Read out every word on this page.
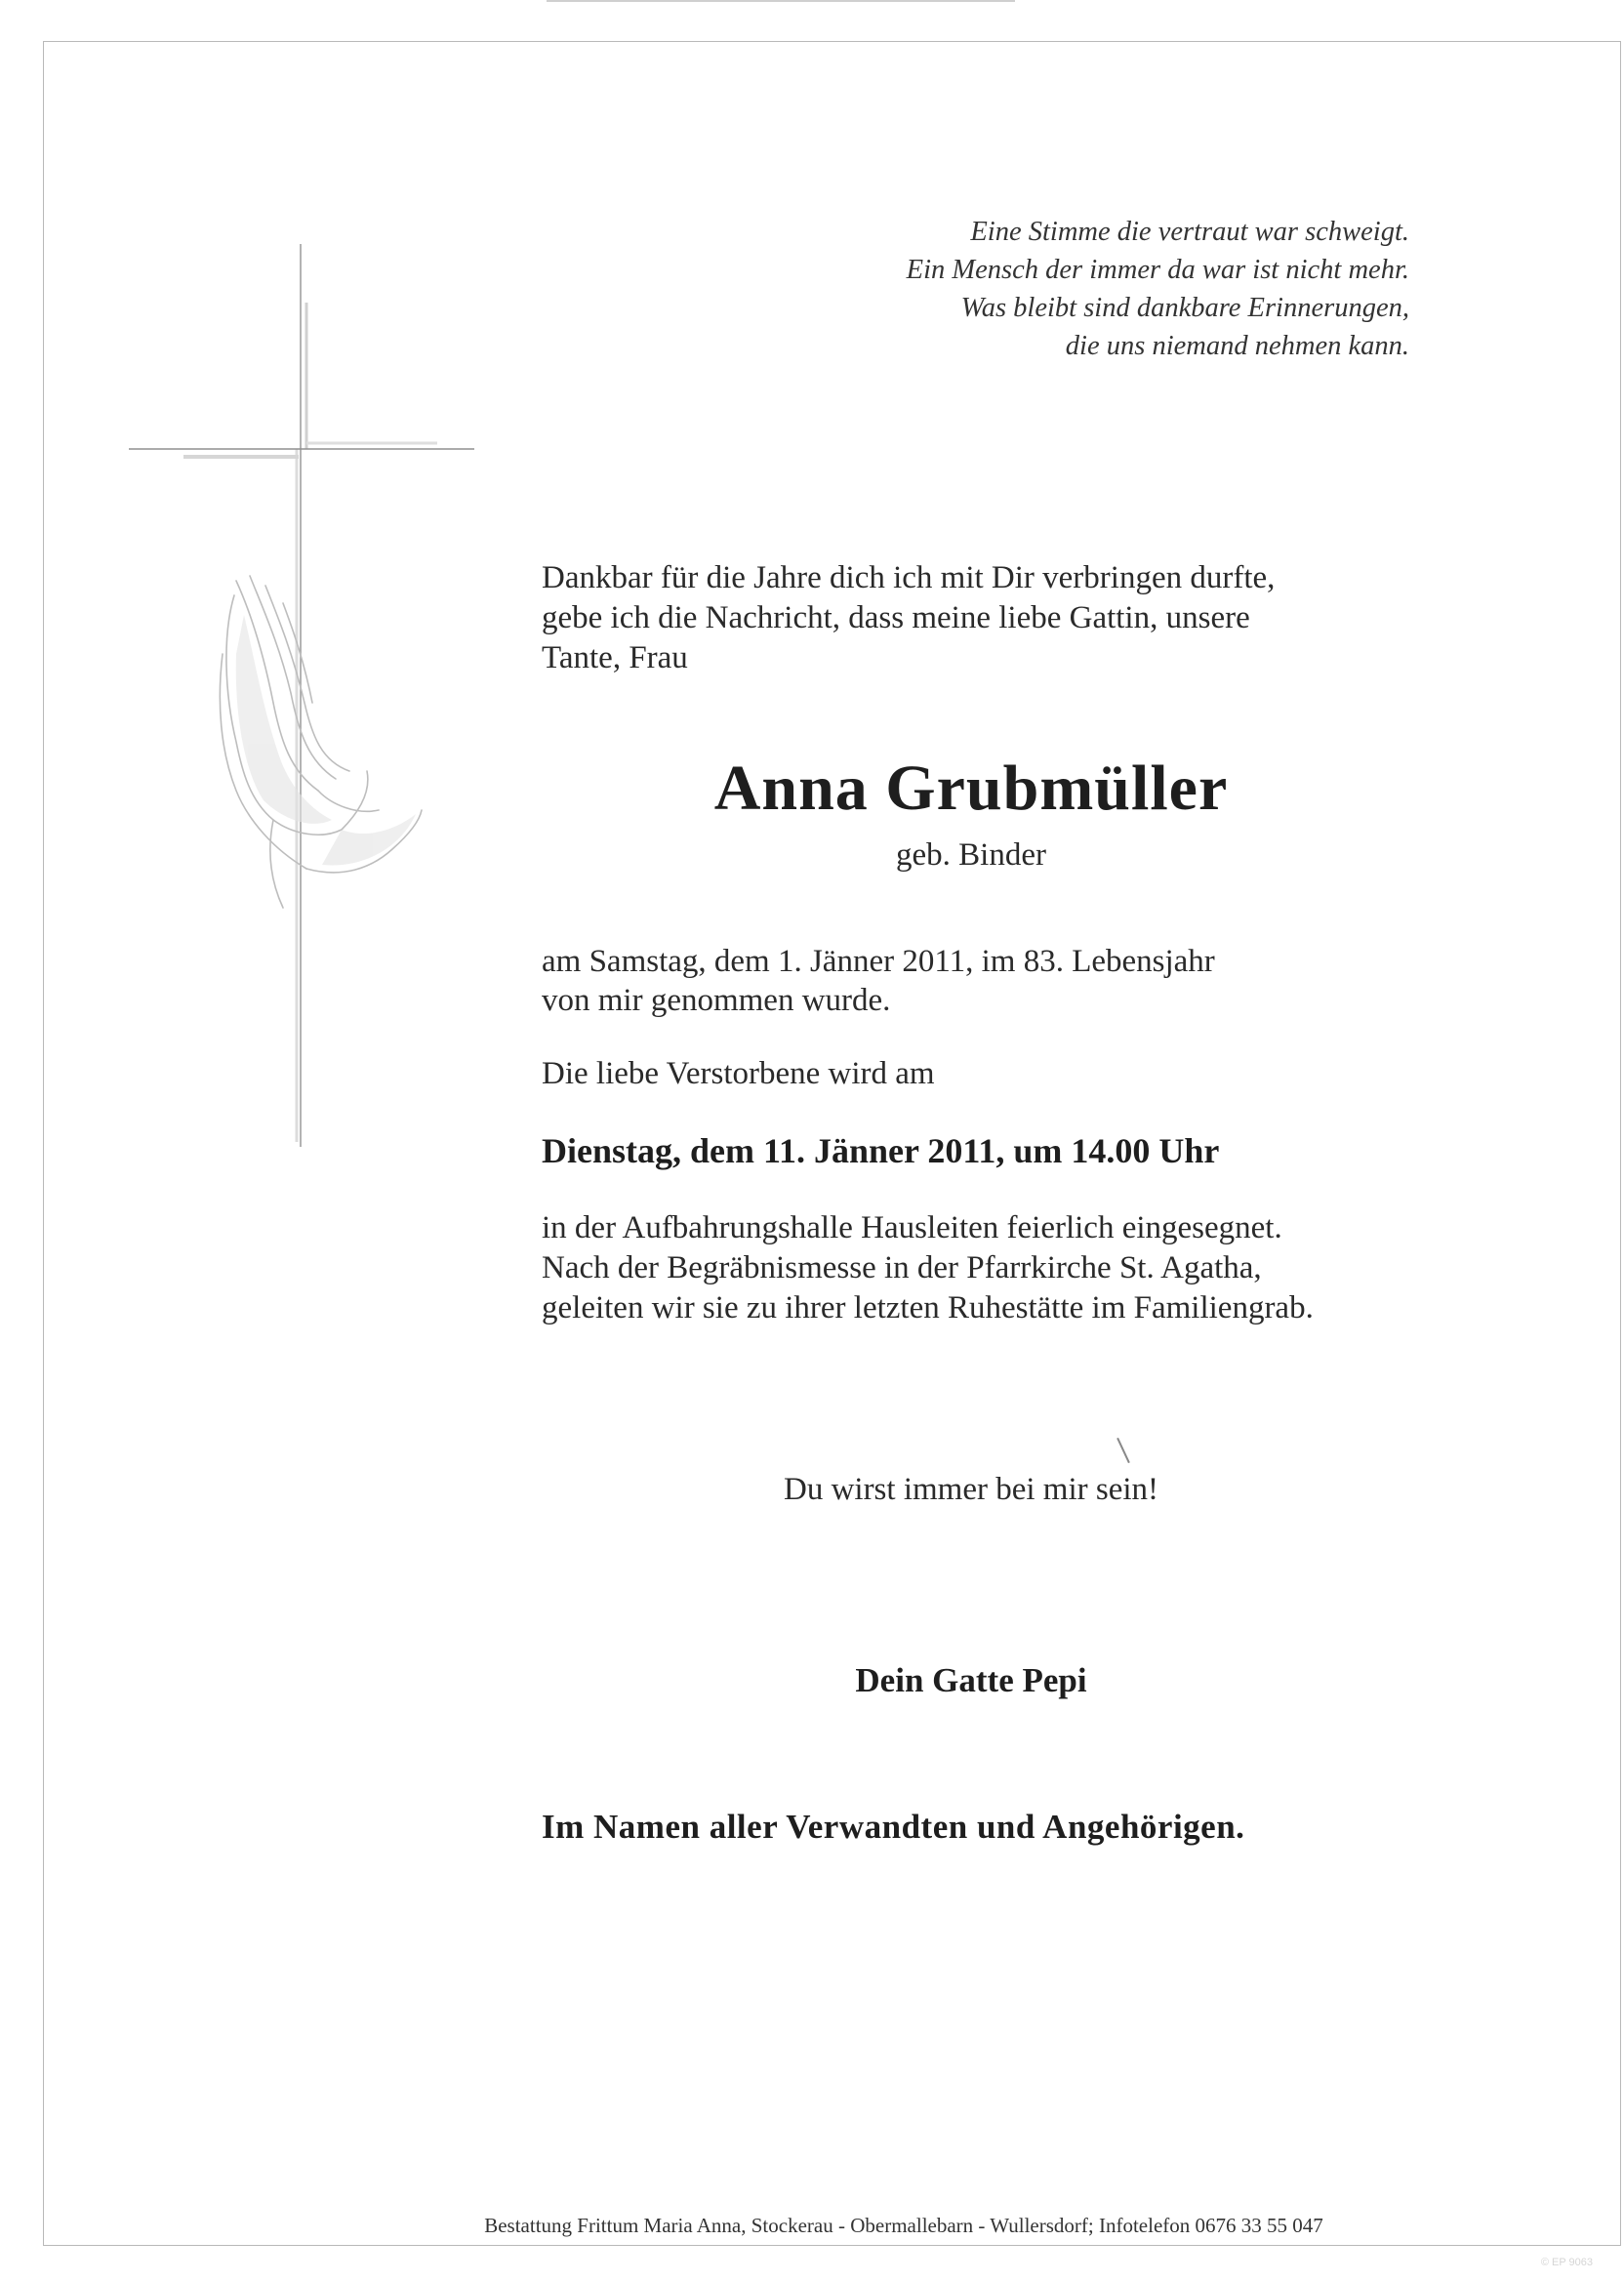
Eine Stimme die vertraut war schweigt.
Ein Mensch der immer da war ist nicht mehr.
Was bleibt sind dankbare Erinnerungen,
die uns niemand nehmen kann.
Dankbar für die Jahre dich ich mit Dir verbringen durfte,
gebe ich die Nachricht, dass meine liebe Gattin, unsere
Tante, Frau
Anna Grubmüller
geb. Binder
am Samstag, dem 1. Jänner 2011, im 83. Lebensjahr
von mir genommen wurde.
Die liebe Verstorbene wird am
Dienstag, dem 11. Jänner 2011, um 14.00 Uhr
in der Aufbahrungshalle Hausleiten feierlich eingesegnet.
Nach der Begräbnismesse in der Pfarrkirche St. Agatha,
geleiten wir sie zu ihrer letzten Ruhestätte im Familiengrab.
Du wirst immer bei mir sein!
Dein Gatte Pepi
Im Namen aller Verwandten und Angehörigen.
Bestattung Frittum Maria Anna, Stockerau - Obermallebarn - Wullersdorf; Infotelefon 0676 33 55 047
© EP 9063
